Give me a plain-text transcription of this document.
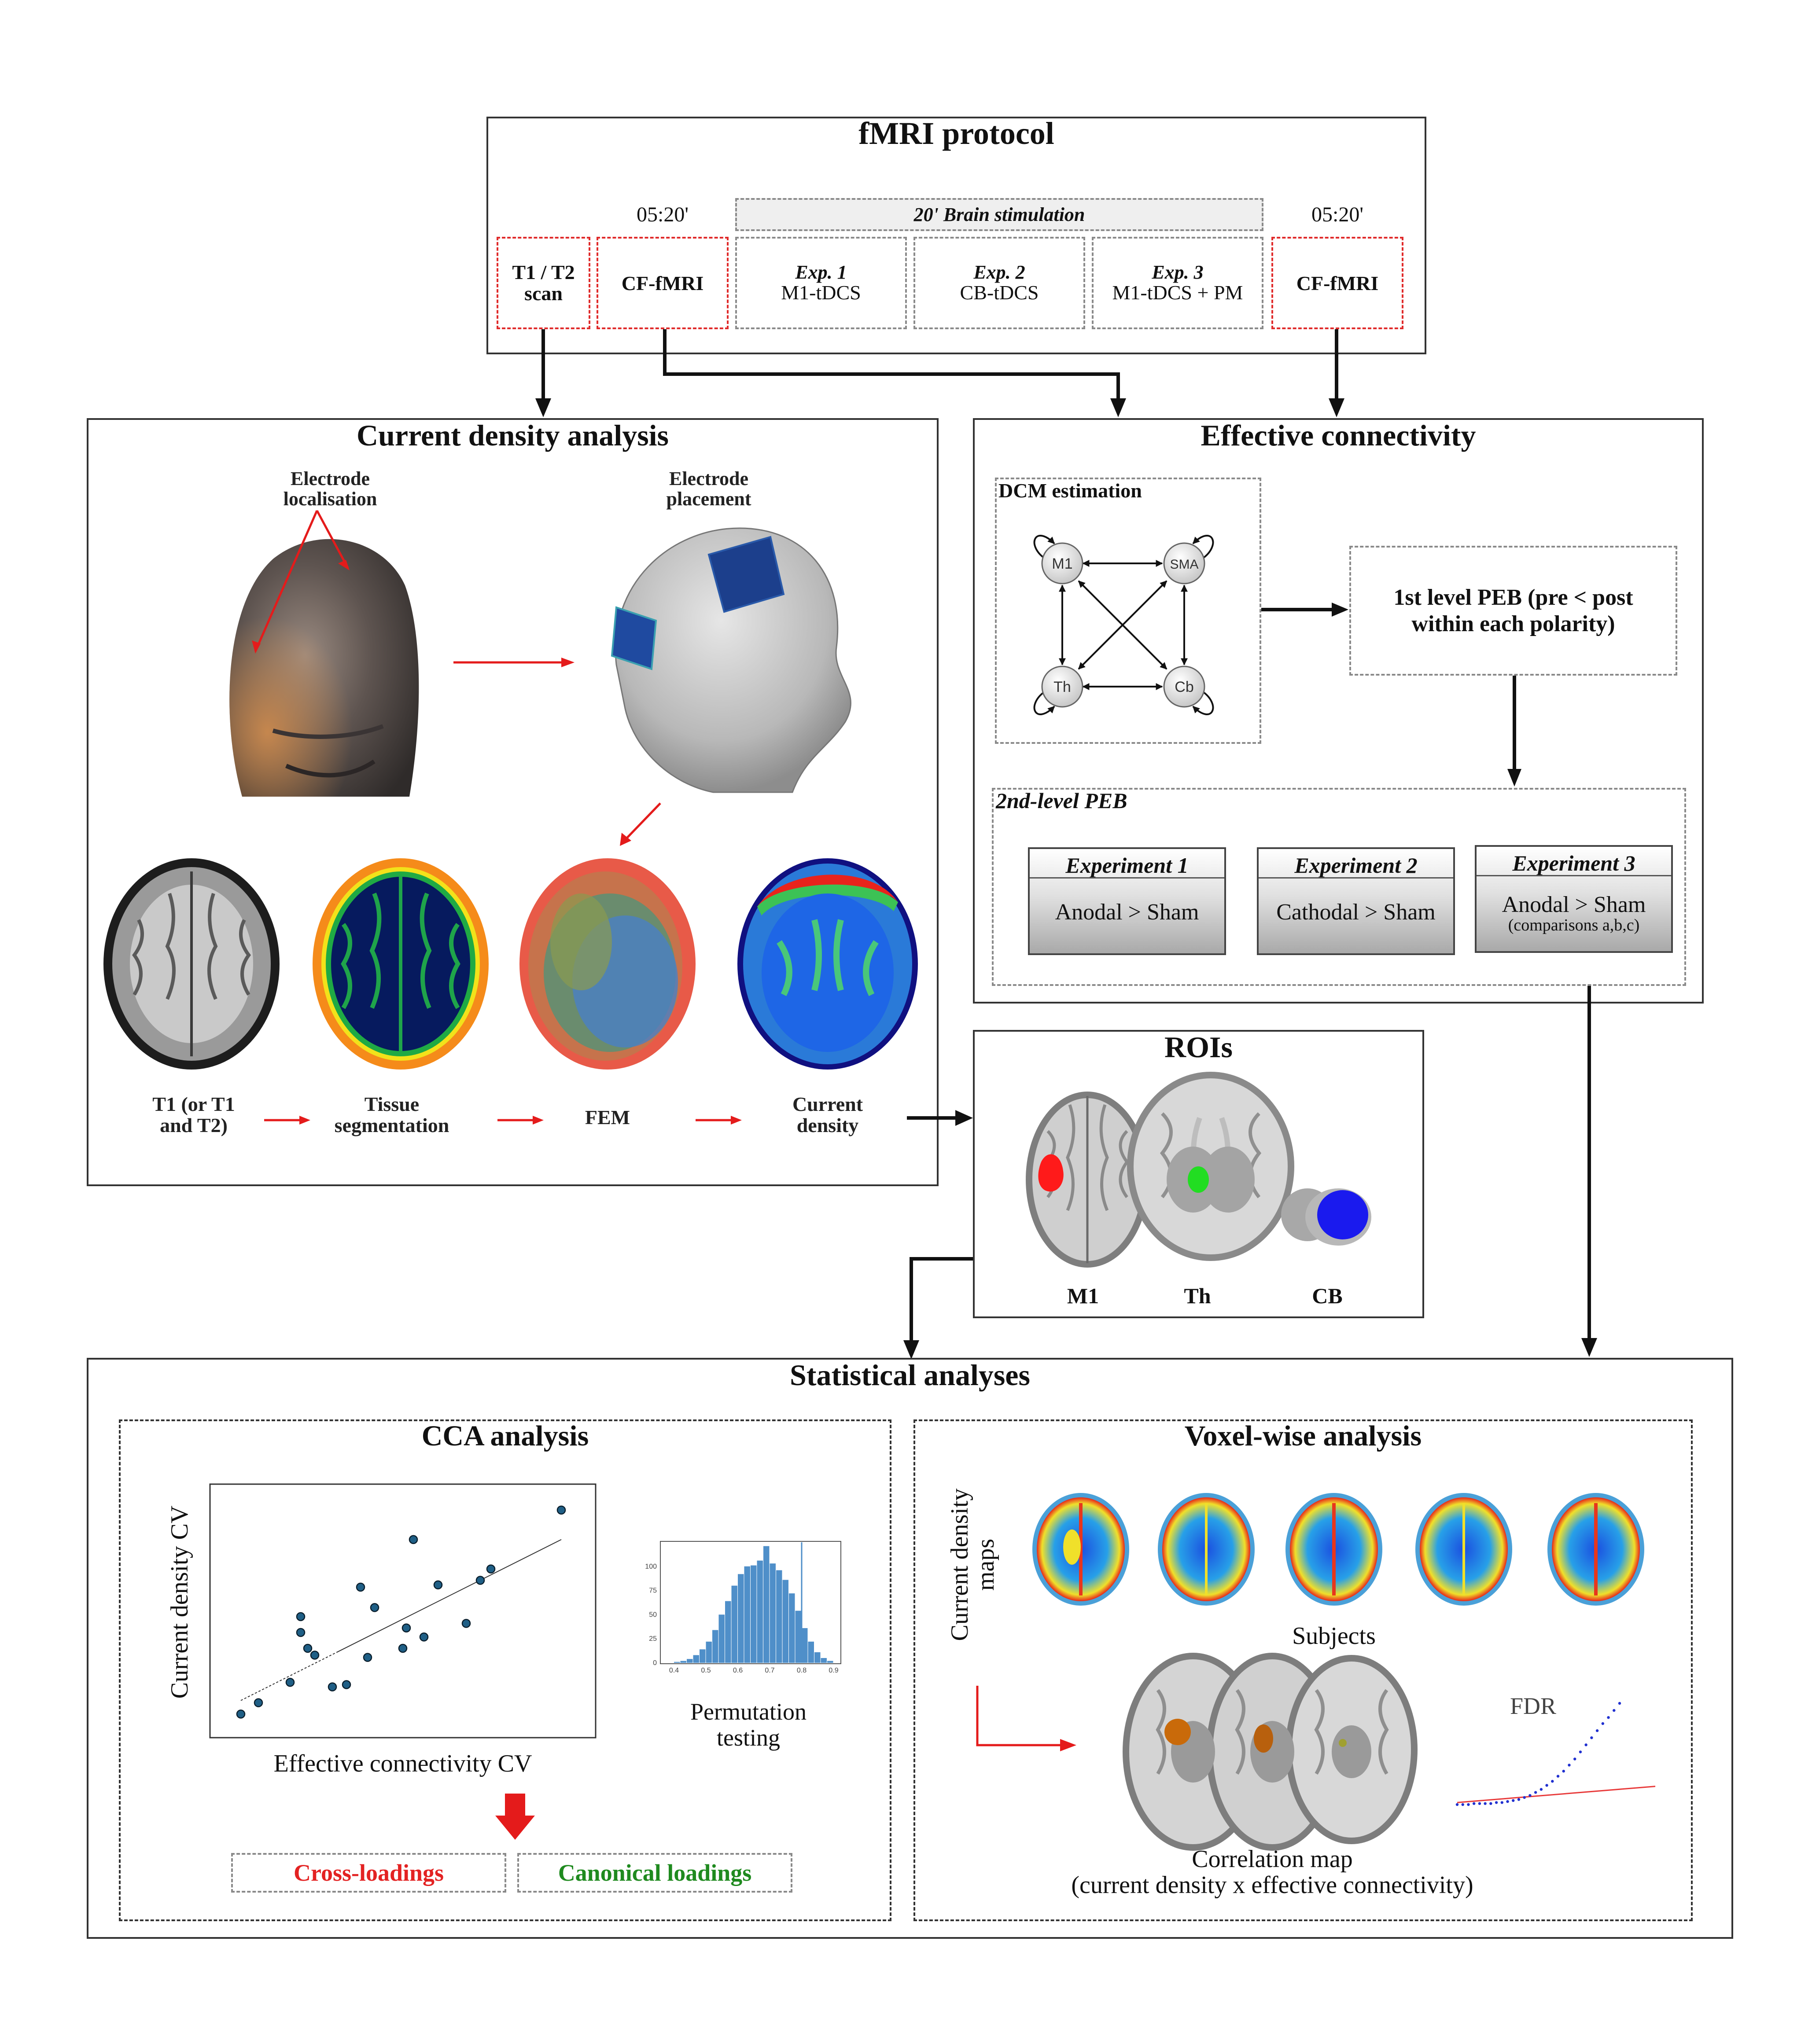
fMRI protocol
05:20'	05:20'
20' Brain stimulation
T1 / T2
scan	CF-fMRI	Exp. 1
M1-tDCS
Exp. 2
CB-tDCS
Exp. 3
M1-tDCS + PM	CF-fMRI
Current density analysis
Electrode
localisation
Electrode
placement
T1 (or T1
and T2)
Tissue
segmentation	FEM
Current
density
Effective connectivity
DCM estimation
M1	SMA
Th	Cb
1st level PEB (pre < post
within each polarity)
2nd-level PEB
Experiment 1
Anodal > Sham
Experiment 2
Cathodal > Sham
Experiment 3
Anodal > Sham
(comparisons a,b,c)
ROIs
M1	Th	CB
Statistical analyses
CCA analysis
Current density CV
Effective connectivity CV
0.4	0.5	0.6	0.7	0.8	0.9
0
25
50
75
100
Permutation
testing
Cross-loadings	Canonical loadings
Voxel-wise analysis
Current density
maps
Subjects
Correlation map
(current density x effective connectivity)
FDR
